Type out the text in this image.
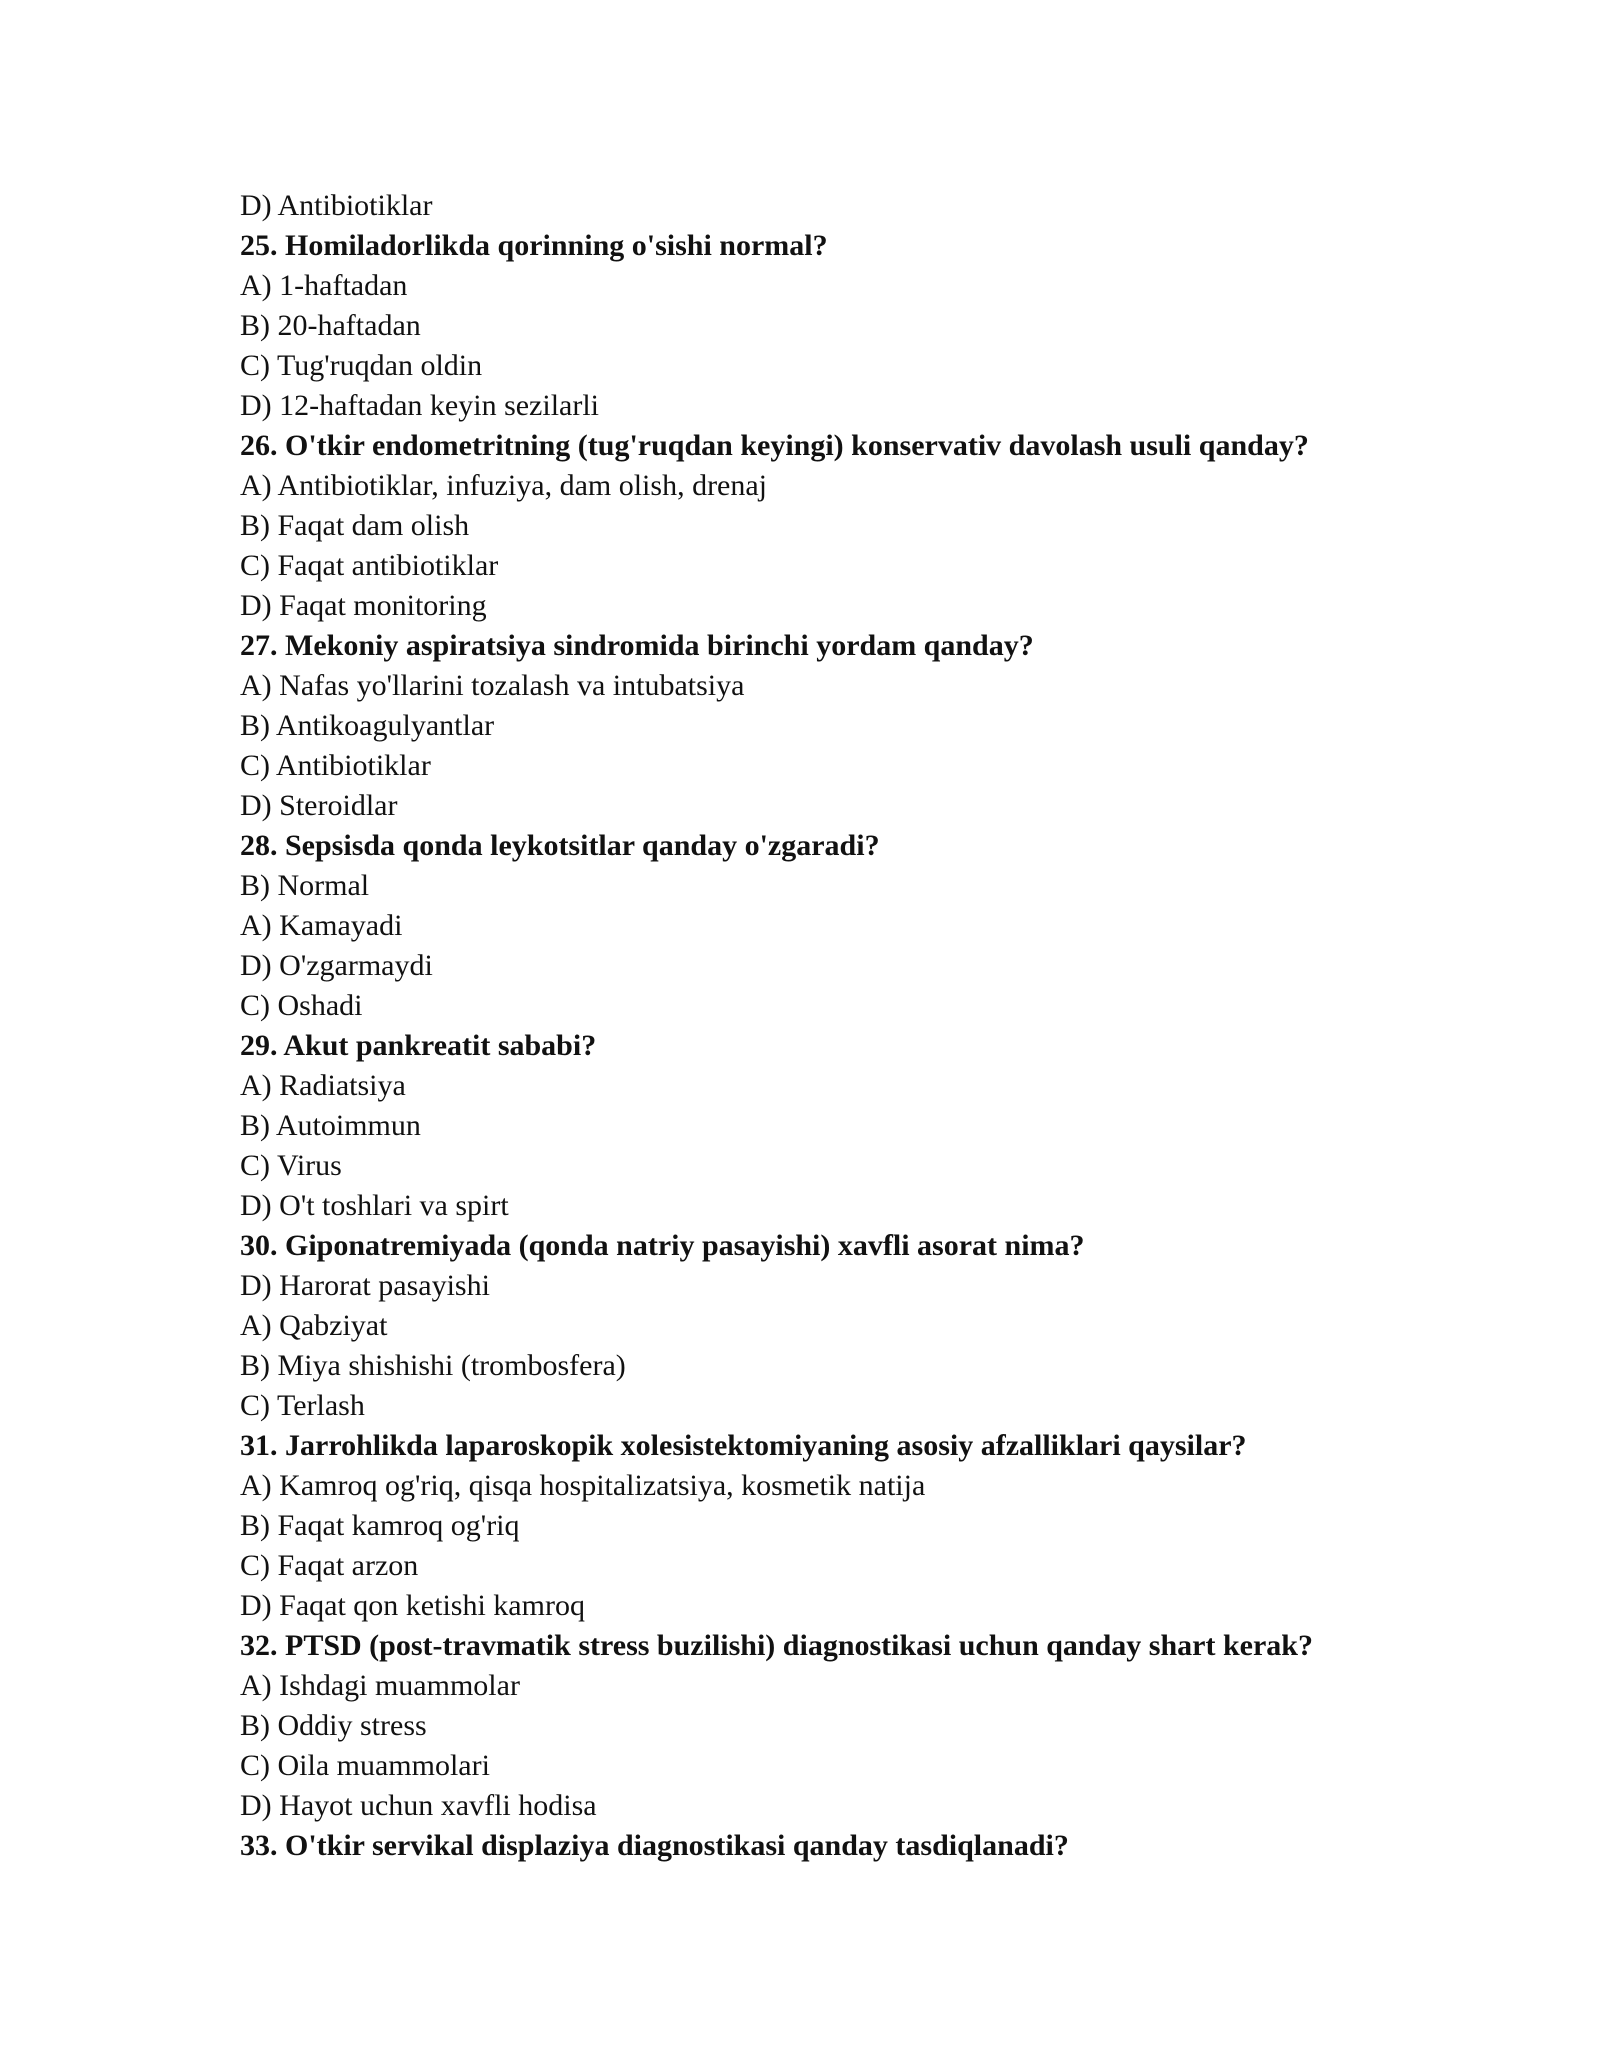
D) Antibiotiklar
25. Homiladorlikda qorinning o'sishi normal?
A) 1-haftadan
B) 20-haftadan
C) Tug'ruqdan oldin
D) 12-haftadan keyin sezilarli
26. O'tkir endometritning (tug'ruqdan keyingi) konservativ davolash usuli qanday?
A) Antibiotiklar, infuziya, dam olish, drenaj
B) Faqat dam olish
C) Faqat antibiotiklar
D) Faqat monitoring
27. Mekoniy aspiratsiya sindromida birinchi yordam qanday?
A) Nafas yo'llarini tozalash va intubatsiya
B) Antikoagulyantlar
C) Antibiotiklar
D) Steroidlar
28. Sepsisda qonda leykotsitlar qanday o'zgaradi?
B) Normal
A) Kamayadi
D) O'zgarmaydi
C) Oshadi
29. Akut pankreatit sababi?
A) Radiatsiya
B) Autoimmun
C) Virus
D) O't toshlari va spirt
30. Giponatremiyada (qonda natriy pasayishi) xavfli asorat nima?
D) Harorat pasayishi
A) Qabziyat
B) Miya shishishi (trombosfera)
C) Terlash
31. Jarrohlikda laparoskopik xolesistektomiyaning asosiy afzalliklari qaysilar?
A) Kamroq og'riq, qisqa hospitalizatsiya, kosmetik natija
B) Faqat kamroq og'riq
C) Faqat arzon
D) Faqat qon ketishi kamroq
32. PTSD (post-travmatik stress buzilishi) diagnostikasi uchun qanday shart kerak?
A) Ishdagi muammolar
B) Oddiy stress
C) Oila muammolari
D) Hayot uchun xavfli hodisa
33. O'tkir servikal displaziya diagnostikasi qanday tasdiqlanadi?
